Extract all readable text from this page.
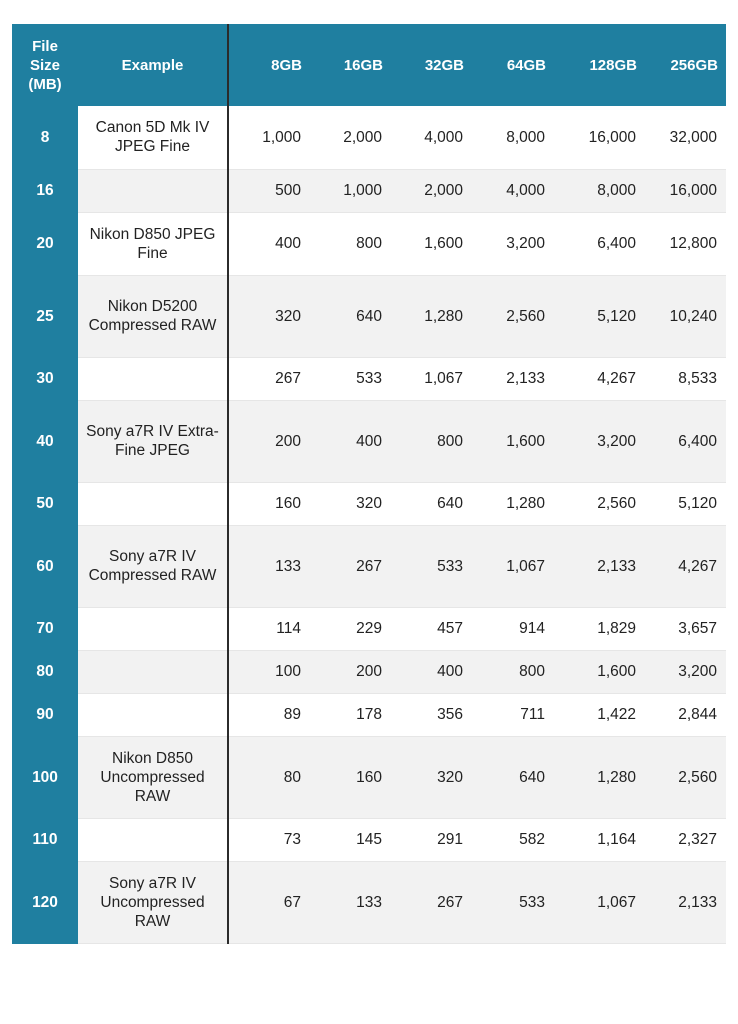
File Size (MB)	Example	8GB	16GB	32GB	64GB	128GB	256GB
8	Canon 5D Mk IV JPEG Fine	1,000	2,000	4,000	8,000	16,000	32,000
16		500	1,000	2,000	4,000	8,000	16,000
20	Nikon D850 JPEG Fine	400	800	1,600	3,200	6,400	12,800
25	Nikon D5200 Compressed RAW	320	640	1,280	2,560	5,120	10,240
30		267	533	1,067	2,133	4,267	8,533
40	Sony a7R IV Extra-Fine JPEG	200	400	800	1,600	3,200	6,400
50		160	320	640	1,280	2,560	5,120
60	Sony a7R IV Compressed RAW	133	267	533	1,067	2,133	4,267
70		114	229	457	914	1,829	3,657
80		100	200	400	800	1,600	3,200
90		89	178	356	711	1,422	2,844
100	Nikon D850 Uncompressed RAW	80	160	320	640	1,280	2,560
110		73	145	291	582	1,164	2,327
120	Sony a7R IV Uncompressed RAW	67	133	267	533	1,067	2,133
